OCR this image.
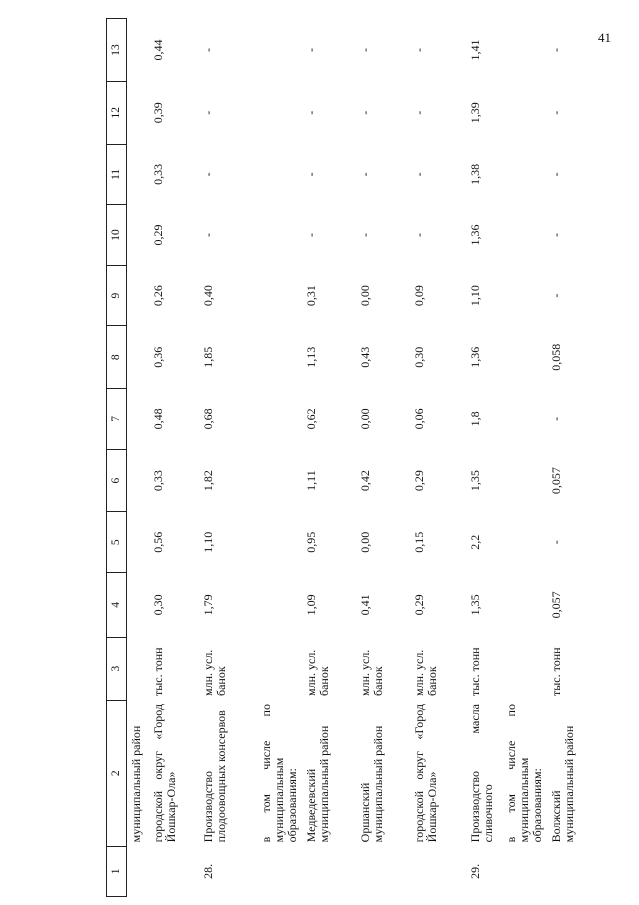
41
1	2	3	4	5	6	7	8	9	10	11	12	13
	муниципальный район											
	городской округ «Город Йошкар-Ола»	тыс. тонн	0,30	0,56	0,33	0,48	0,36	0,26	0,29	0,33	0,39	0,44
28.	Производство плодоовощных консервов	млн. усл. банок	1,79	1,10	1,82	0,68	1,85	0,40	-	-	-	-
	в том числе по муниципальным образованиям:											
	Медведевский муниципальный район	млн. усл. банок	1,09	0,95	1,11	0,62	1,13	0,31	-	-	-	-
	Оршанский муниципальный район	млн. усл. банок	0,41	0,00	0,42	0,00	0,43	0,00	-	-	-	-
	городской округ «Город Йошкар-Ола»	млн. усл. банок	0,29	0,15	0,29	0,06	0,30	0,09	-	-	-	-
29.	Производство масла сливочного	тыс. тонн	1,35	2,2	1,35	1,8	1,36	1,10	1,36	1,38	1,39	1,41
	в том числе по муниципальным образованиям:											
	Волжский муниципальный район	тыс. тонн	0,057	-	0,057	-	0,058	-	-	-	-	-
